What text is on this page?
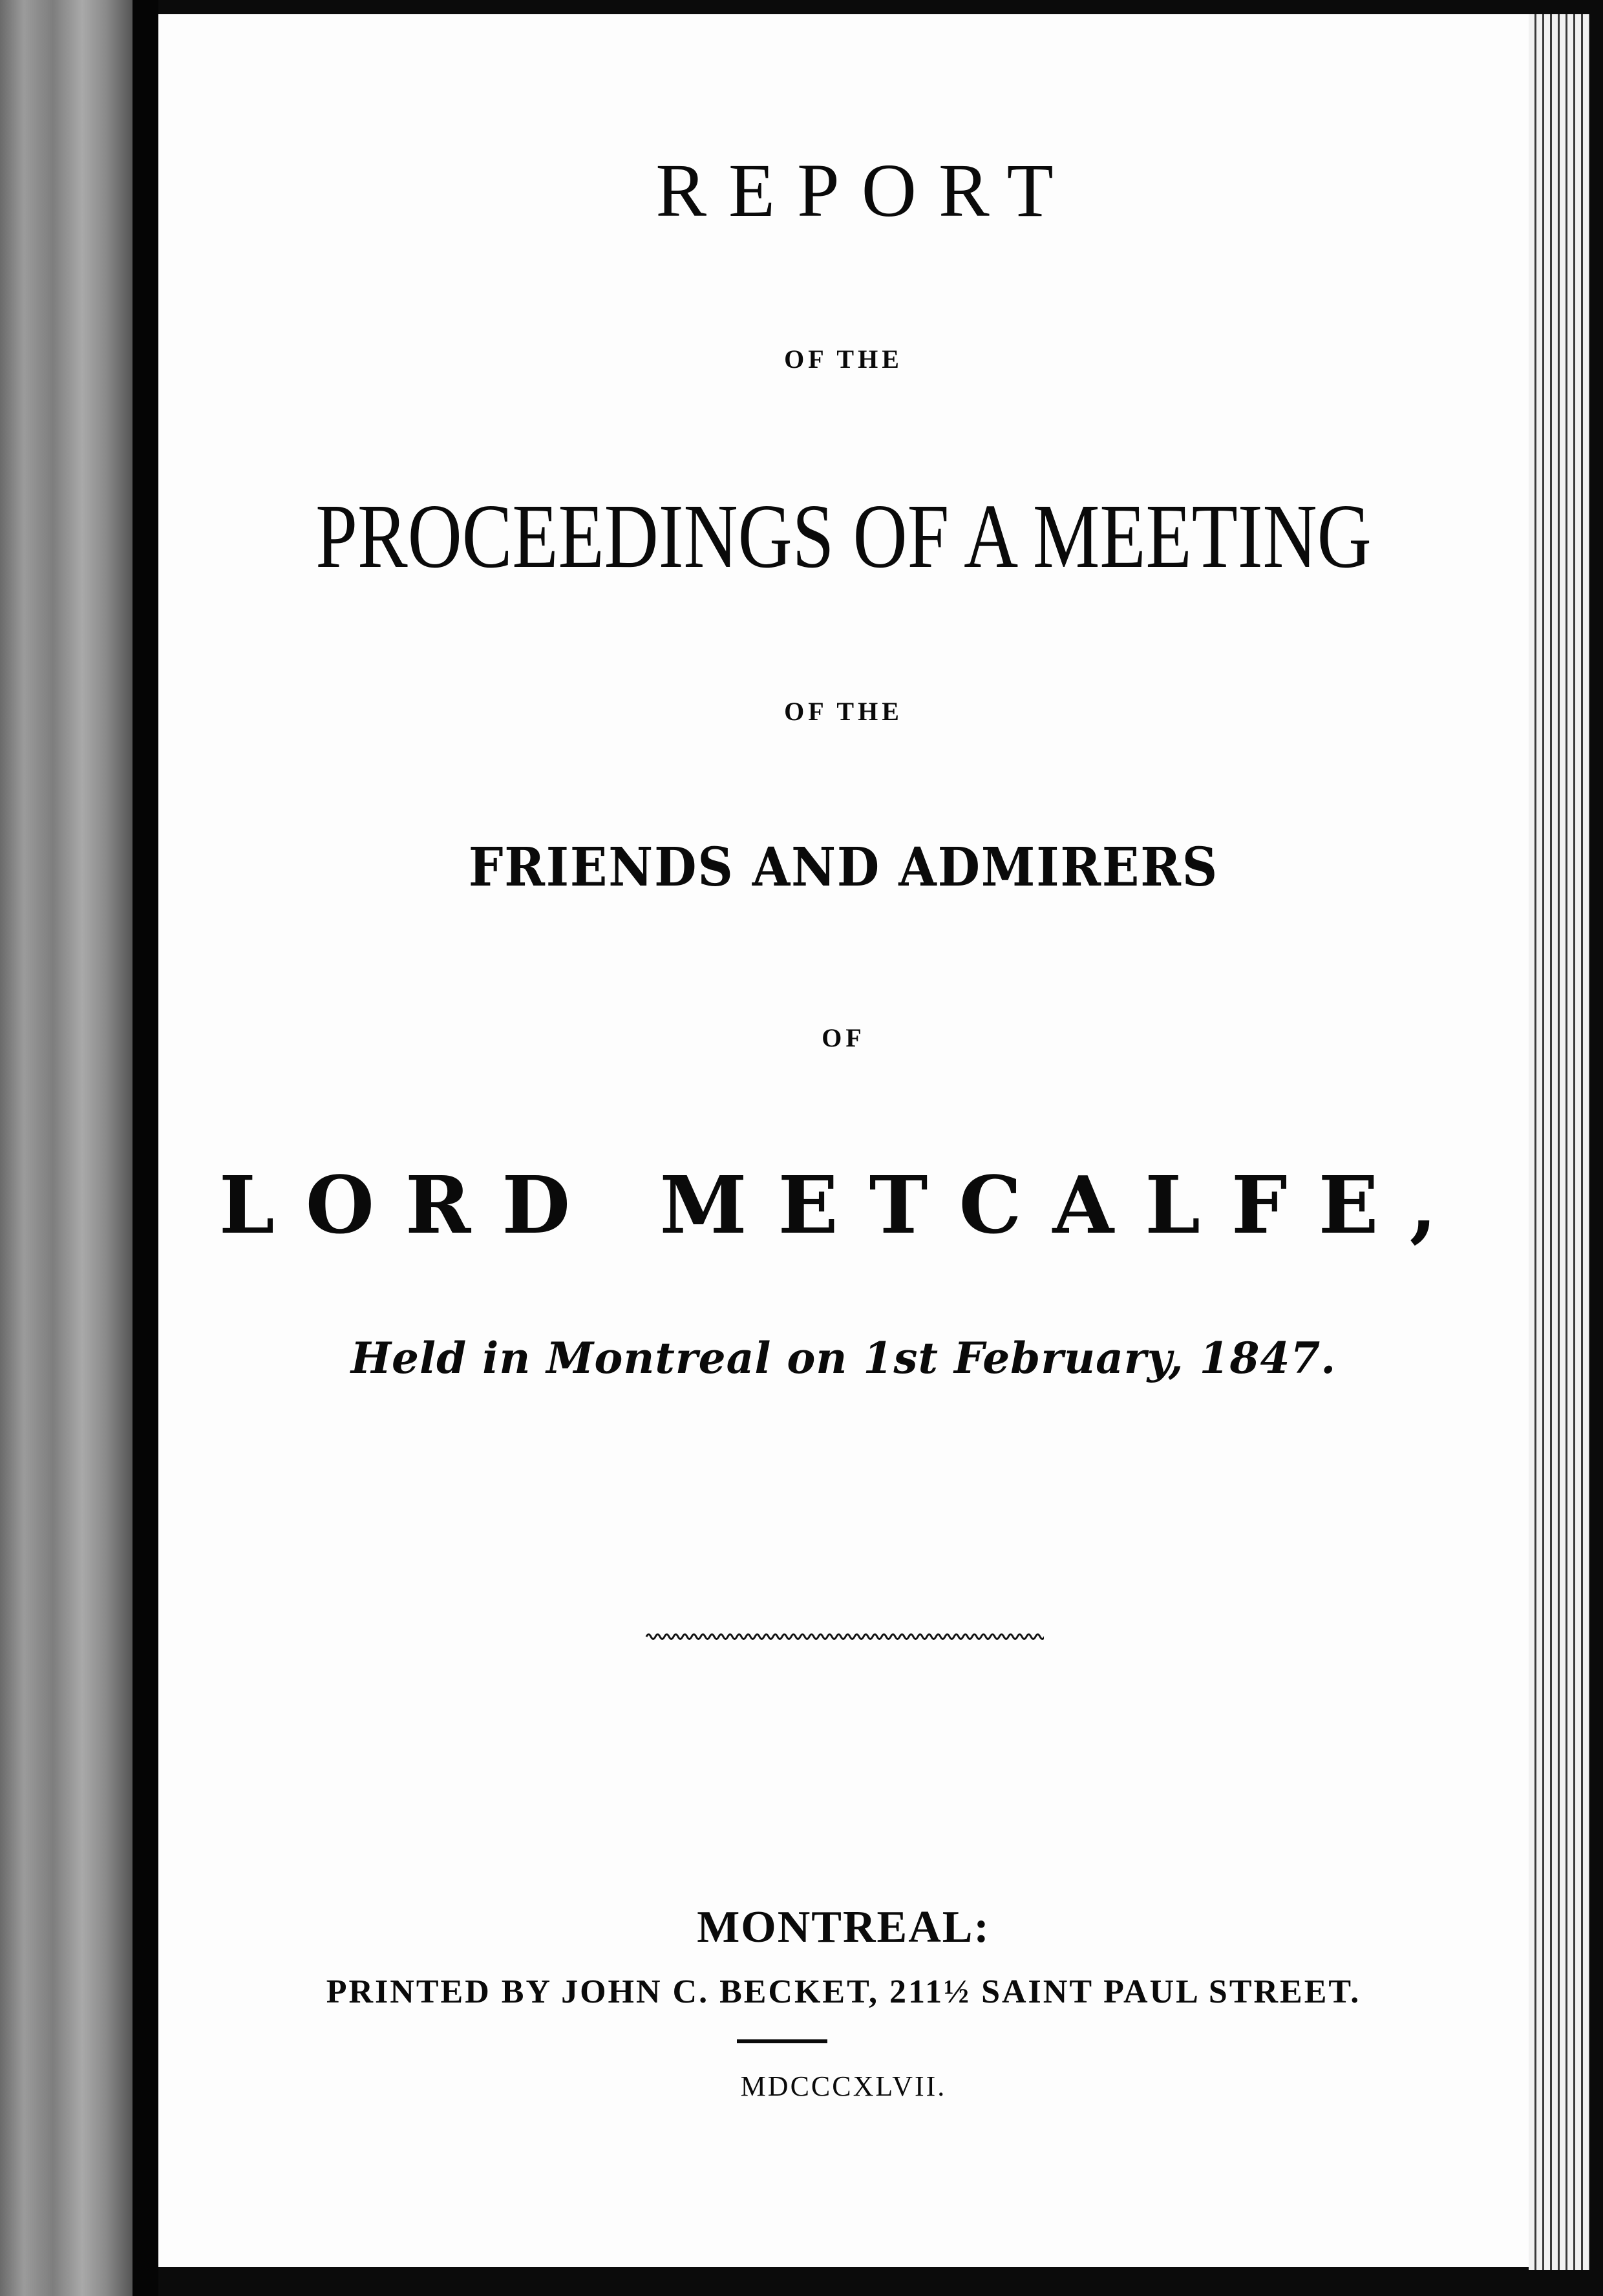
REPORT
OF THE
PROCEEDINGS OF A MEETING
OF THE
FRIENDS AND ADMIRERS
OF
LORD METCALFE,
Held in Montreal on 1st February, 1847.
MONTREAL:
PRINTED BY JOHN C. BECKET, 211½ SAINT PAUL STREET.
MDCCCXLVII.
